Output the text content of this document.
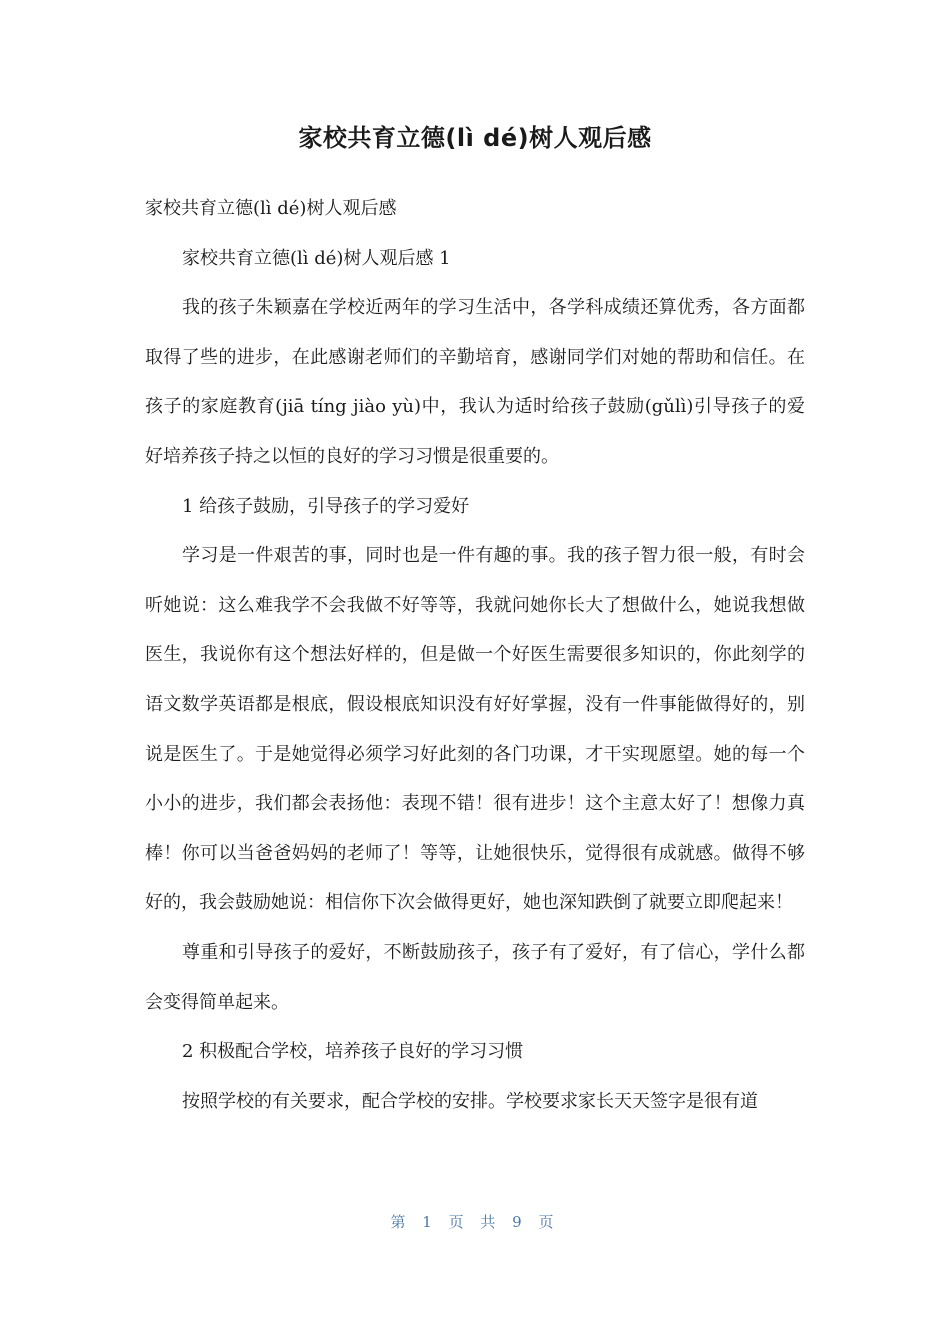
家校共育立德(lì dé)树人观后感

家校共育立德(lì dé)树人观后感

家校共育立德(lì dé)树人观后感 1

我的孩子朱颖嘉在学校近两年的学习生活中，各学科成绩还算优秀，各方面都取得了些的进步，在此感谢老师们的辛勤培育，感谢同学们对她的帮助和信任。在孩子的家庭教育(jiā tíng jiào yù)中，我认为适时给孩子鼓励(gǔlì)引导孩子的爱好培养孩子持之以恒的良好的学习习惯是很重要的。

1 给孩子鼓励，引导孩子的学习爱好

学习是一件艰苦的事，同时也是一件有趣的事。我的孩子智力很一般，有时会听她说：这么难我学不会我做不好等等，我就问她你长大了想做什么，她说我想做医生，我说你有这个想法好样的，但是做一个好医生需要很多知识的，你此刻学的语文数学英语都是根底，假设根底知识没有好好掌握，没有一件事能做得好的，别说是医生了。于是她觉得必须学习好此刻的各门功课，才干实现愿望。她的每一个小小的进步，我们都会表扬他：表现不错！很有进步！这个主意太好了！想像力真棒！你可以当爸爸妈妈的老师了！等等，让她很快乐，觉得很有成就感。做得不够好的，我会鼓励她说：相信你下次会做得更好，她也深知跌倒了就要立即爬起来！

尊重和引导孩子的爱好，不断鼓励孩子，孩子有了爱好，有了信心，学什么都会变得简单起来。

2 积极配合学校，培养孩子良好的学习习惯

按照学校的有关要求，配合学校的安排。学校要求家长天天签字是很有道

第 1 页 共 9 页
